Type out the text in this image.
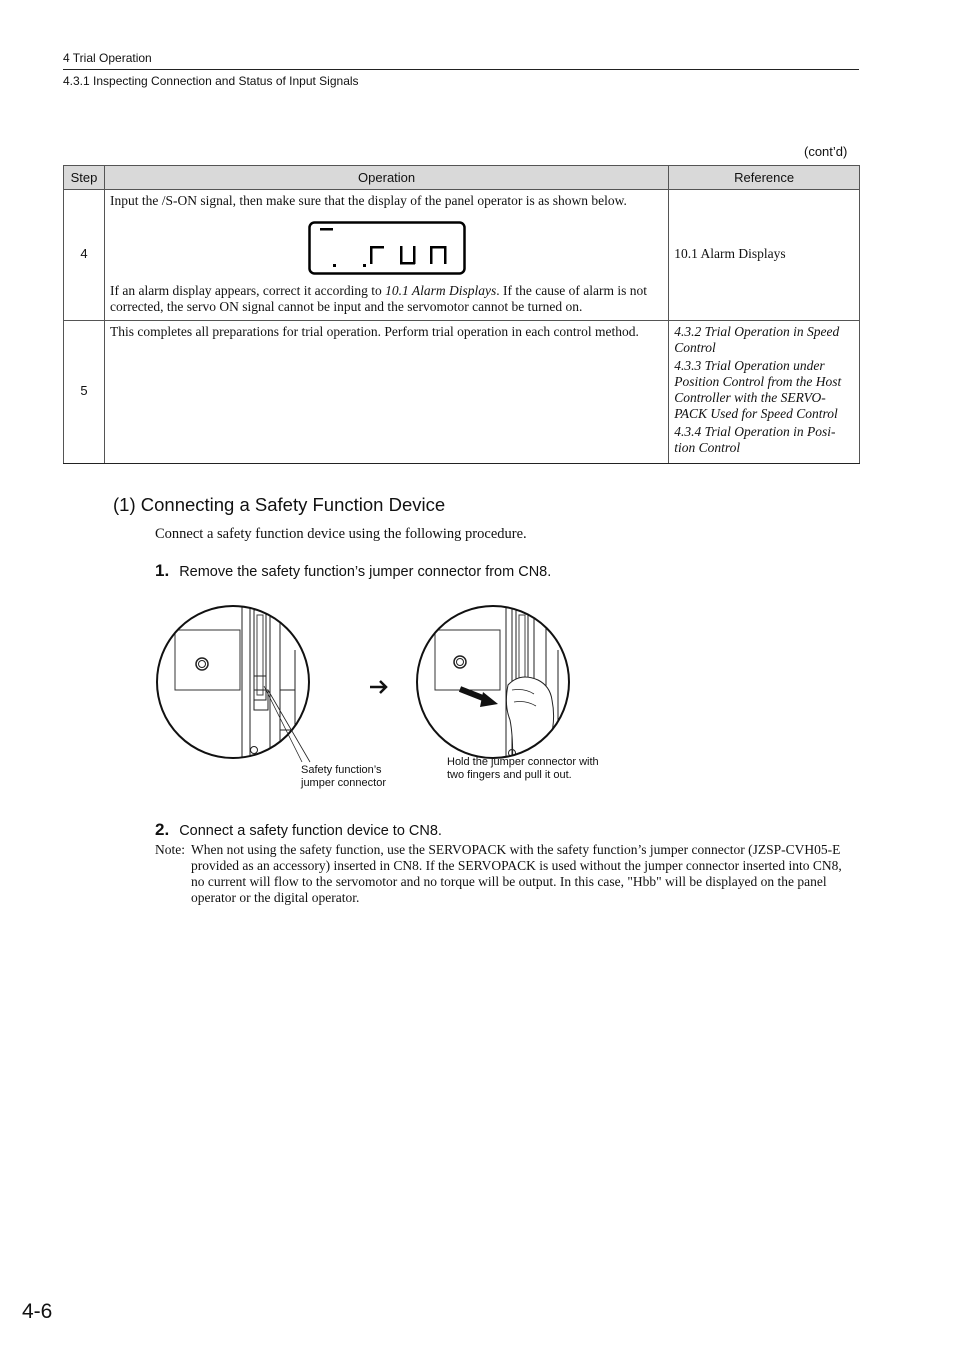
4 Trial Operation
4.3.1 Inspecting Connection and Status of Input Signals
(cont’d)
Step	Operation	Reference
4	Input the /S-ON signal, then make sure that the display of the panel operator is as shown below.
If an alarm display appears, correct it according to 10.1 Alarm Displays. If the cause of alarm is not corrected, the servo ON signal cannot be input and the servomotor cannot be turned on.	10.1 Alarm Displays
5	This completes all preparations for trial operation. Perform trial operation in each control method.	4.3.2 Trial Operation in Speed Control
4.3.3 Trial Operation under Position Control from the Host Controller with the SERVO-PACK Used for Speed Control
4.3.4 Trial Operation in Posi-tion Control
(1) Connecting a Safety Function Device
Connect a safety function device using the following procedure.
1. Remove the safety function’s jumper connector from CN8.
Safety function’s
jumper connector
Hold the jumper connector with
two fingers and pull it out.
2. Connect a safety function device to CN8.
Note: When not using the safety function, use the SERVOPACK with the safety function’s jumper connector (JZSP-CVH05-E provided as an accessory) inserted in CN8. If the SERVOPACK is used without the jumper connector inserted into CN8, no current will flow to the servomotor and no torque will be output. In this case, "Hbb" will be displayed on the panel operator or the digital operator.
4-6
